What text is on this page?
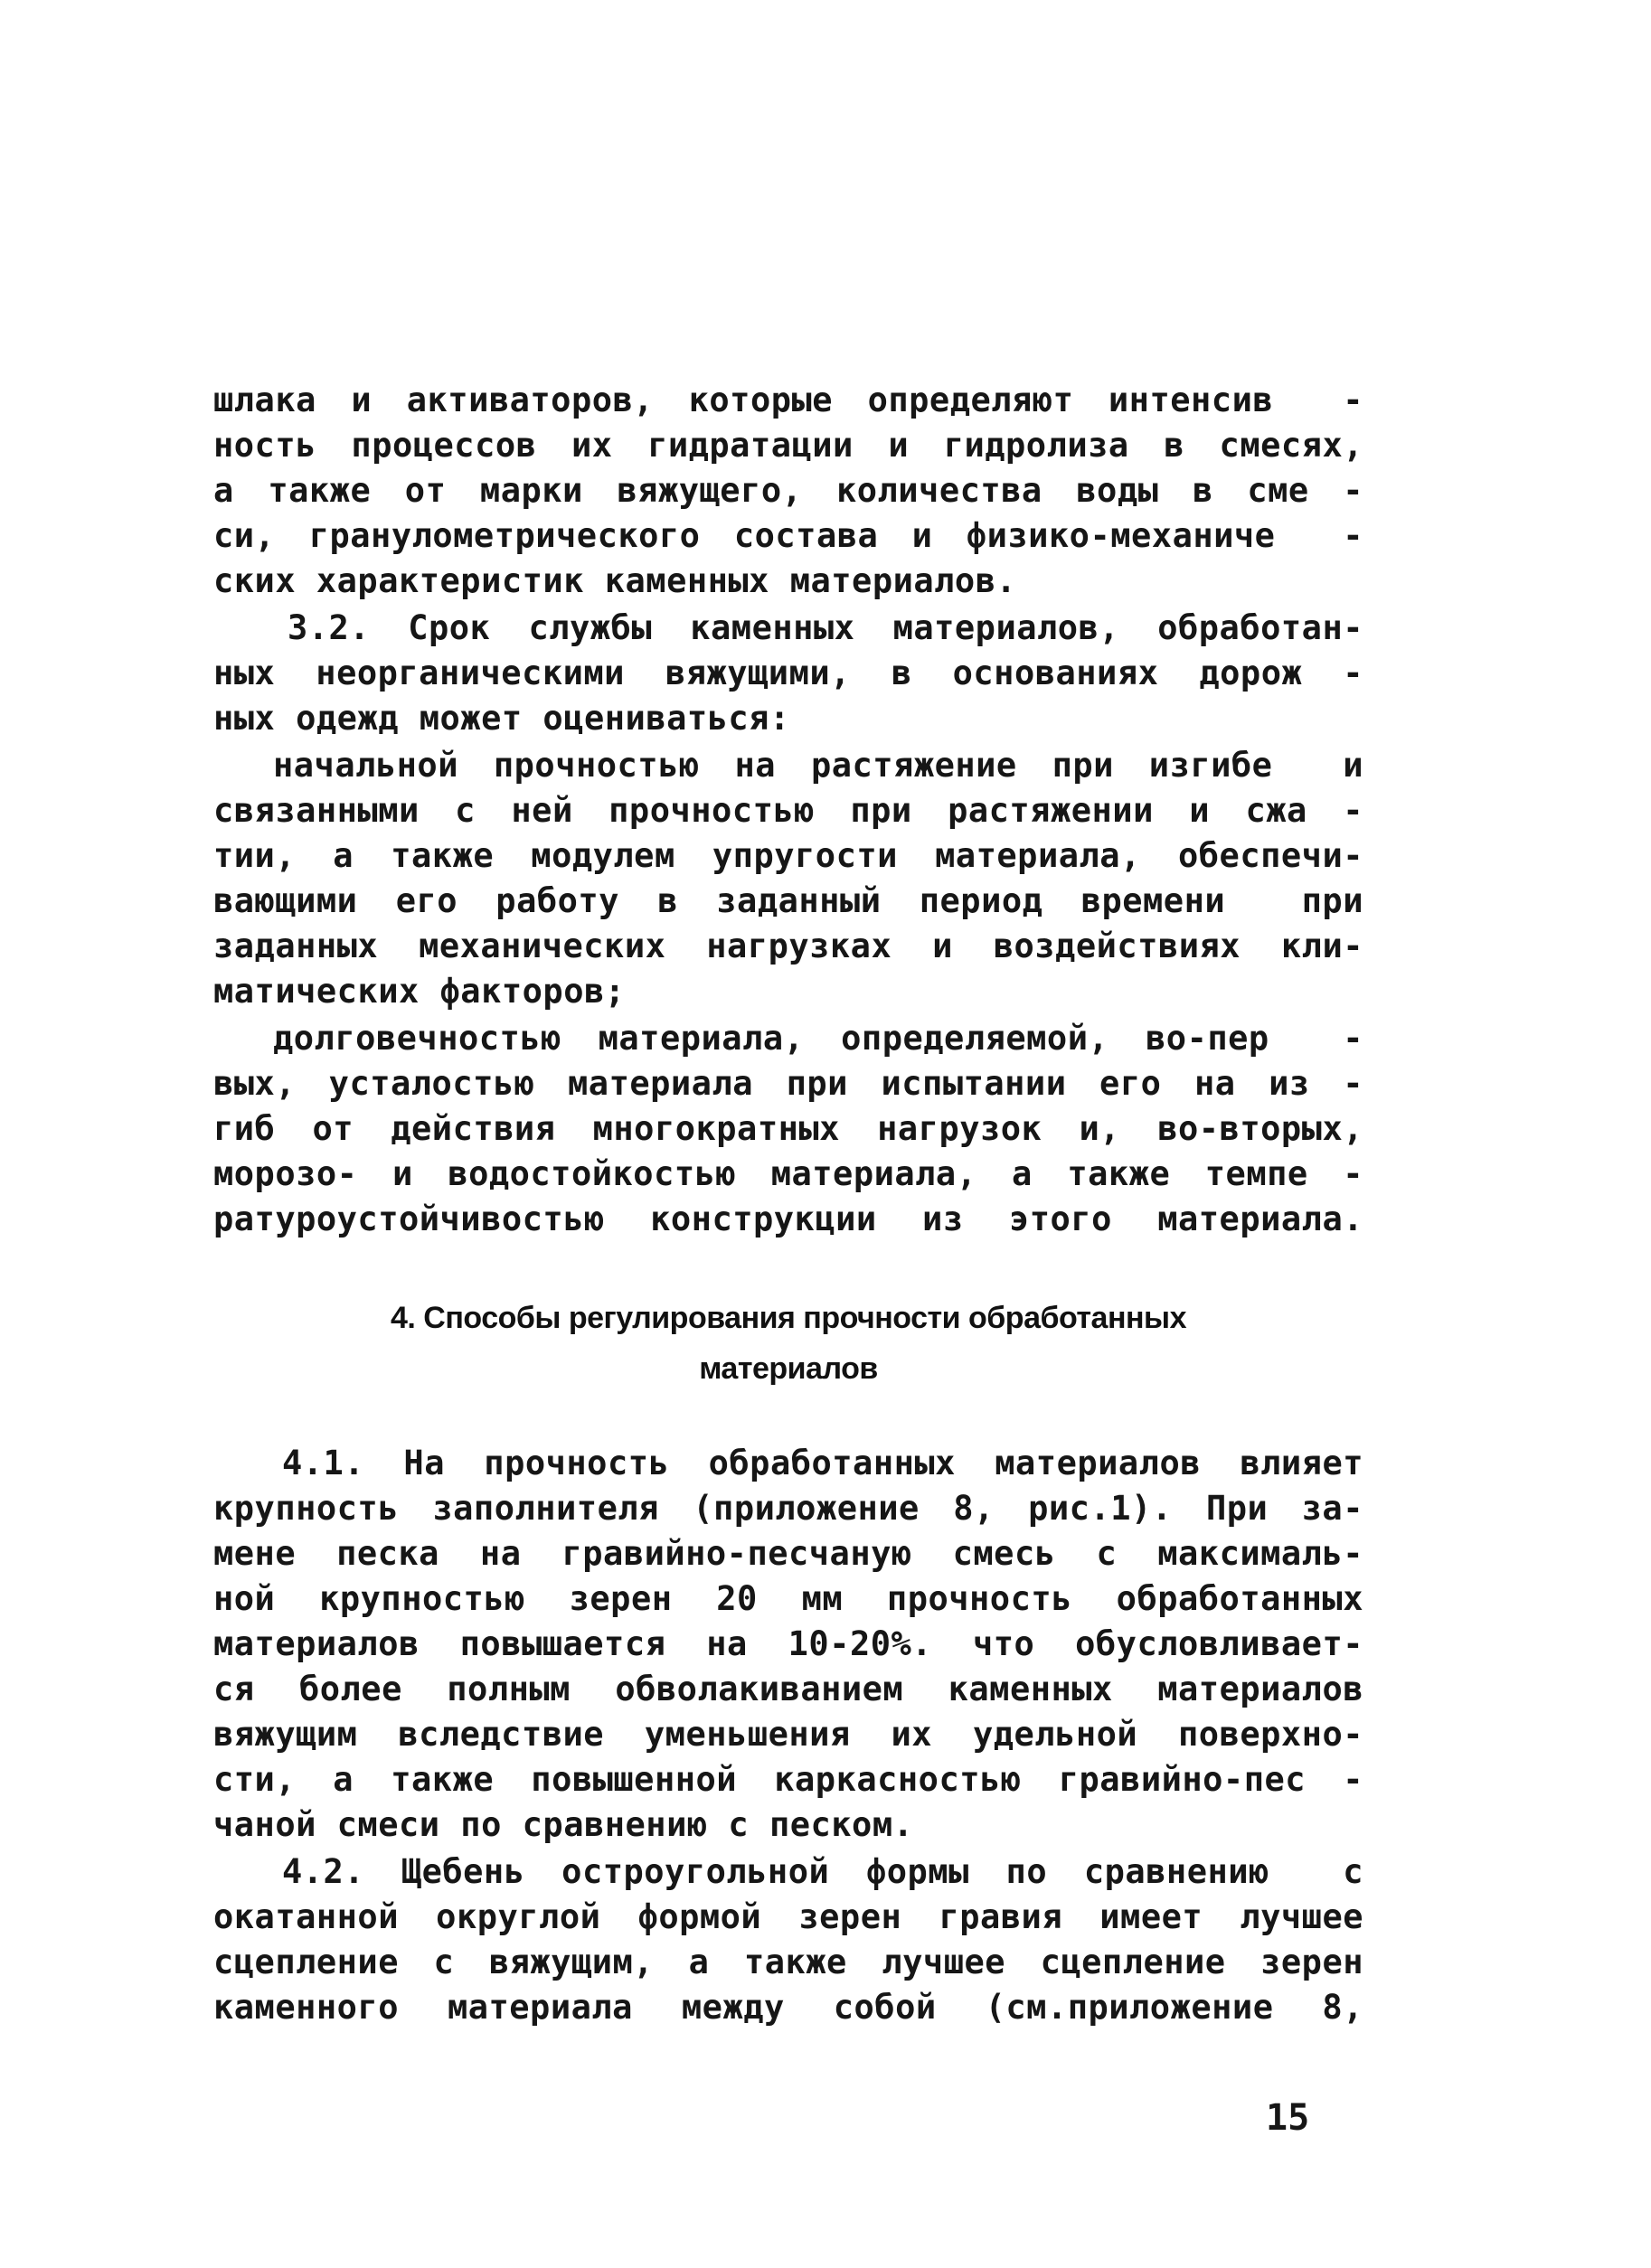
шлака и активаторов, которые определяют интенсив  -
ность процессов их гидратации и гидролиза в смесях,
а также от марки вяжущего, количества воды в сме -
си, гранулометрического состава и физико-механиче  -
ских характеристик каменных материалов.
3.2. Срок службы каменных материалов, обработан-
ных неорганическими вяжущими, в основаниях дорож -
ных одежд может оцениваться:
начальной прочностью на растяжение при изгибе  и
связанными с ней прочностью при растяжении и сжа -
тии, а также модулем упругости материала, обеспечи-
вающими его работу в заданный период времени  при
заданных механических нагрузках и воздействиях кли-
матических факторов;
долговечностью материала, определяемой, во-пер  -
вых, усталостью материала при испытании его на из -
гиб от действия многократных нагрузок и, во-вторых,
морозо- и водостойкостью материала, а также темпе -
ратуроустойчивостью конструкции из этого материала.
4. Способы регулирования прочности обработанных
материалов
4.1. На прочность обработанных материалов влияет
крупность заполнителя (приложение 8, рис.1). При за-
мене песка на гравийно-песчаную смесь с максималь-
ной крупностью зерен 20 мм прочность обработанных
материалов повышается на 10-20%. что обусловливает-
ся более полным обволакиванием каменных материалов
вяжущим вследствие уменьшения их удельной поверхно-
сти, а также повышенной каркасностью гравийно-пес -
чаной смеси по сравнению с песком.
4.2. Щебень остроугольной формы по сравнению  с
окатанной округлой формой зерен гравия имеет лучшее
сцепление с вяжущим, а также лучшее сцепление зерен
каменного материала между собой (см.приложение 8,
15
